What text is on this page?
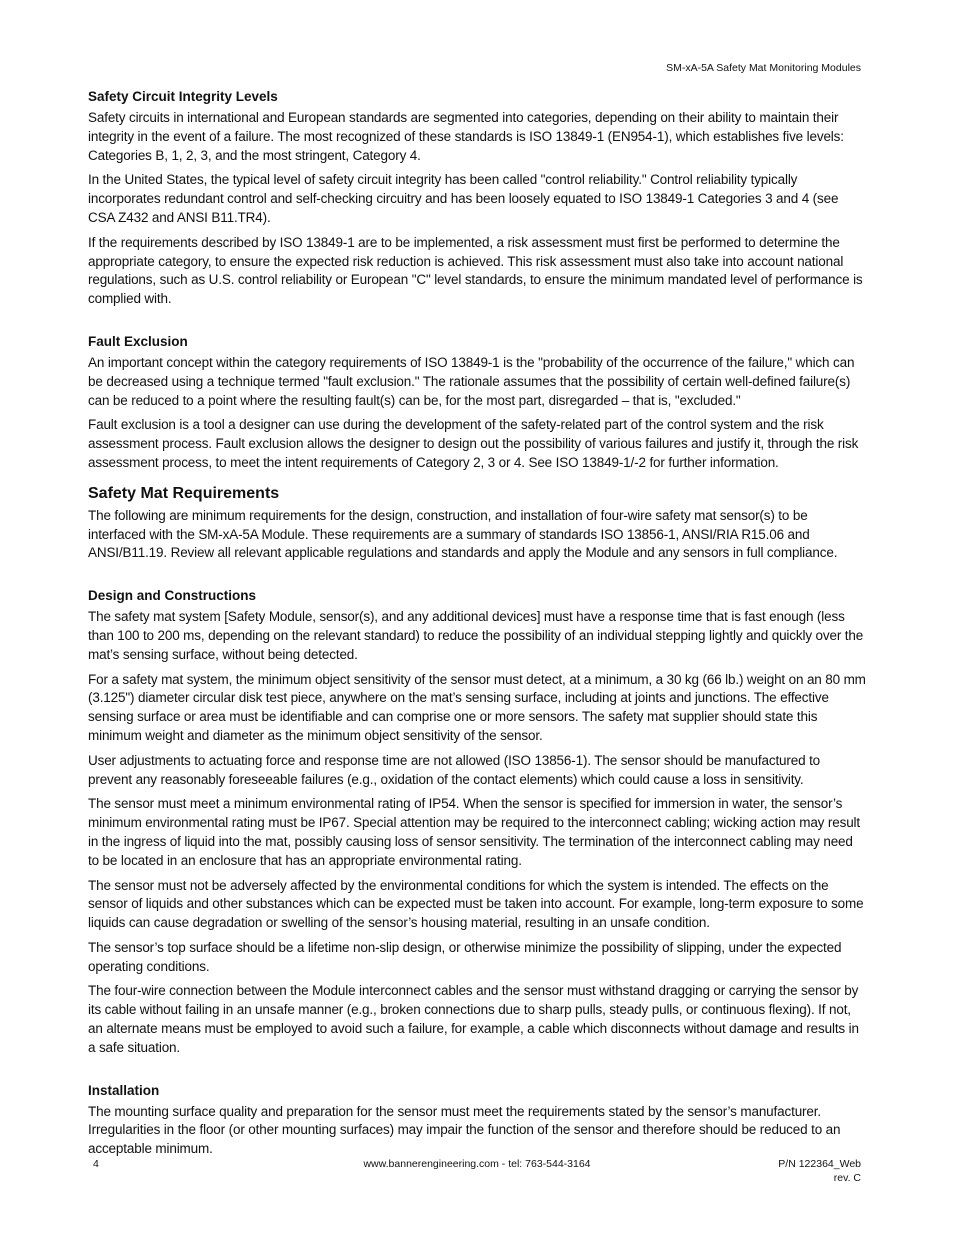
SM-xA-5A Safety Mat Monitoring Modules
Safety Circuit Integrity Levels

Safety circuits in international and European standards are segmented into categories, depending on their ability to maintain their integrity in the event of a failure. The most recognized of these standards is ISO 13849-1 (EN954-1), which establishes five levels: Categories B, 1, 2, 3, and the most stringent, Category 4.

In the United States, the typical level of safety circuit integrity has been called "control reliability." Control reliability typically incorporates redundant control and self-checking circuitry and has been loosely equated to ISO 13849-1 Categories 3 and 4 (see CSA Z432 and ANSI B11.TR4).

If the requirements described by ISO 13849-1 are to be implemented, a risk assessment must first be performed to determine the appropriate category, to ensure the expected risk reduction is achieved. This risk assessment must also take into account national regulations, such as U.S. control reliability or European "C" level standards, to ensure the minimum mandated level of performance is complied with.

Fault Exclusion

An important concept within the category requirements of ISO 13849-1 is the "probability of the occurrence of the failure," which can be decreased using a technique termed "fault exclusion." The rationale assumes that the possibility of certain well-defined failure(s) can be reduced to a point where the resulting fault(s) can be, for the most part, disregarded – that is, "excluded."

Fault exclusion is a tool a designer can use during the development of the safety-related part of the control system and the risk assessment process. Fault exclusion allows the designer to design out the possibility of various failures and justify it, through the risk assessment process, to meet the intent requirements of Category 2, 3 or 4. See ISO 13849-1/-2 for further information.

Safety Mat Requirements

The following are minimum requirements for the design, construction, and installation of four-wire safety mat sensor(s) to be interfaced with the SM-xA-5A Module. These requirements are a summary of standards ISO 13856-1, ANSI/RIA R15.06 and ANSI/B11.19. Review all relevant applicable regulations and standards and apply the Module and any sensors in full compliance.

Design and Constructions

The safety mat system [Safety Module, sensor(s), and any additional devices] must have a response time that is fast enough (less than 100 to 200 ms, depending on the relevant standard) to reduce the possibility of an individual stepping lightly and quickly over the mat’s sensing surface, without being detected.

For a safety mat system, the minimum object sensitivity of the sensor must detect, at a minimum, a 30 kg (66 lb.) weight on an 80 mm (3.125") diameter circular disk test piece, anywhere on the mat’s sensing surface, including at joints and junctions. The effective sensing surface or area must be identifiable and can comprise one or more sensors. The safety mat supplier should state this minimum weight and diameter as the minimum object sensitivity of the sensor.

User adjustments to actuating force and response time are not allowed (ISO 13856-1). The sensor should be manufactured to prevent any reasonably foreseeable failures (e.g., oxidation of the contact elements) which could cause a loss in sensitivity.

The sensor must meet a minimum environmental rating of IP54. When the sensor is specified for immersion in water, the sensor’s minimum environmental rating must be IP67. Special attention may be required to the interconnect cabling; wicking action may result in the ingress of liquid into the mat, possibly causing loss of sensor sensitivity. The termination of the interconnect cabling may need to be located in an enclosure that has an appropriate environmental rating.

The sensor must not be adversely affected by the environmental conditions for which the system is intended. The effects on the sensor of liquids and other substances which can be expected must be taken into account. For example, long-term exposure to some liquids can cause degradation or swelling of the sensor’s housing material, resulting in an unsafe condition.

The sensor’s top surface should be a lifetime non-slip design, or otherwise minimize the possibility of slipping, under the expected operating conditions.

The four-wire connection between the Module interconnect cables and the sensor must withstand dragging or carrying the sensor by its cable without failing in an unsafe manner (e.g., broken connections due to sharp pulls, steady pulls, or continuous flexing). If not, an alternate means must be employed to avoid such a failure, for example, a cable which disconnects without damage and results in a safe situation.

Installation

The mounting surface quality and preparation for the sensor must meet the requirements stated by the sensor’s manufacturer. Irregularities in the floor (or other mounting surfaces) may impair the function of the sensor and therefore should be reduced to an acceptable minimum.

4	www.bannerengineering.com - tel: 763-544-3164	P/N 122364_Web
rev. C
